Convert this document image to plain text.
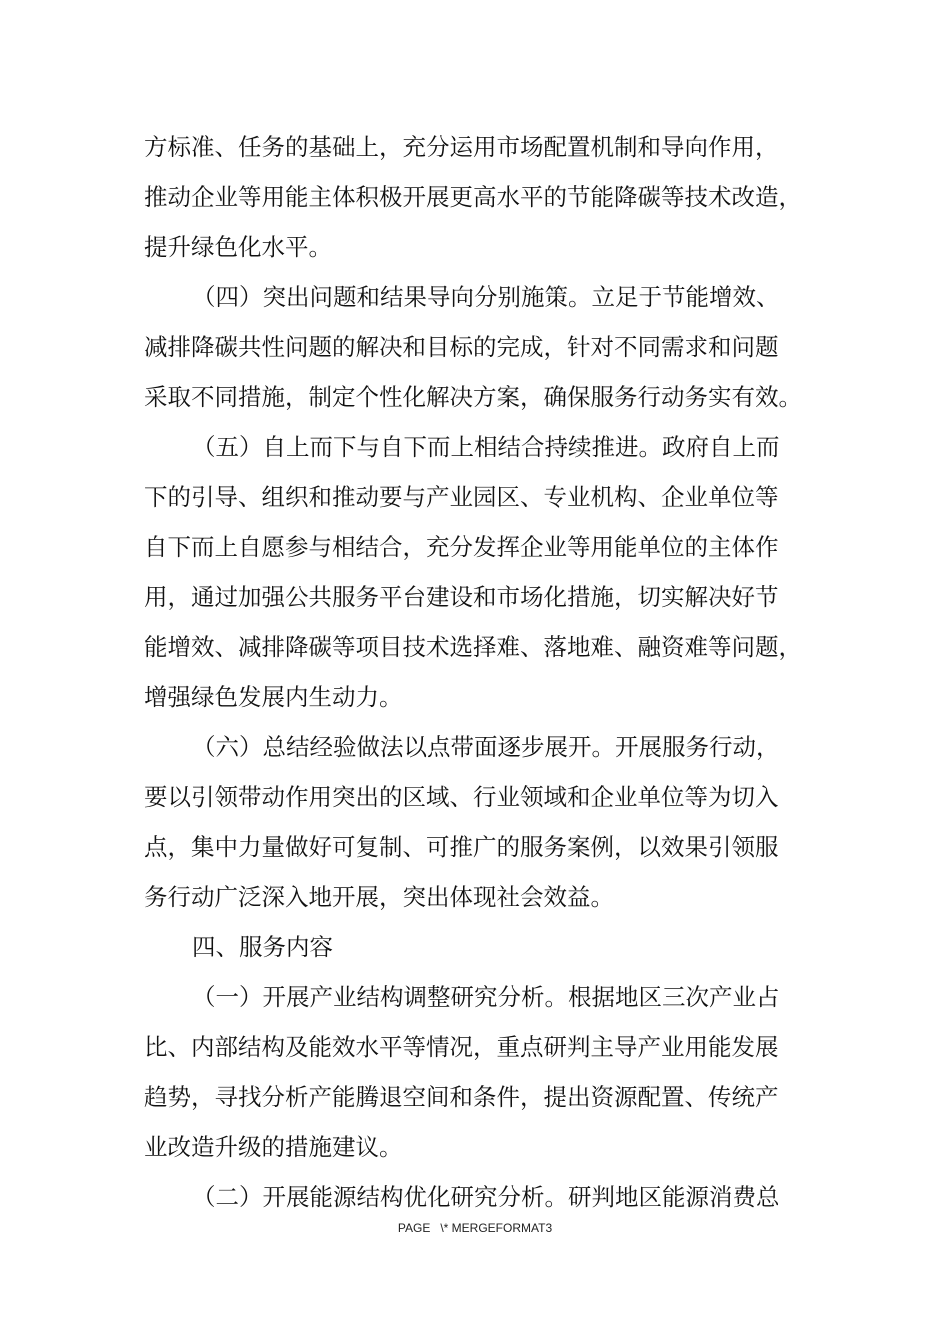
方标准、任务的基础上，充分运用市场配置机制和导向作用，
推动企业等用能主体积极开展更高水平的节能降碳等技术改造，
提升绿色化水平。
（四）突出问题和结果导向分别施策。立足于节能增效、
减排降碳共性问题的解决和目标的完成，针对不同需求和问题
采取不同措施，制定个性化解决方案，确保服务行动务实有效。
（五）自上而下与自下而上相结合持续推进。政府自上而
下的引导、组织和推动要与产业园区、专业机构、企业单位等
自下而上自愿参与相结合，充分发挥企业等用能单位的主体作
用，通过加强公共服务平台建设和市场化措施，切实解决好节
能增效、减排降碳等项目技术选择难、落地难、融资难等问题，
增强绿色发展内生动力。
（六）总结经验做法以点带面逐步展开。开展服务行动，
要以引领带动作用突出的区域、行业领域和企业单位等为切入
点，集中力量做好可复制、可推广的服务案例，以效果引领服
务行动广泛深入地开展，突出体现社会效益。
四、服务内容
（一）开展产业结构调整研究分析。根据地区三次产业占
比、内部结构及能效水平等情况，重点研判主导产业用能发展
趋势，寻找分析产能腾退空间和条件，提出资源配置、传统产
业改造升级的措施建议。
（二）开展能源结构优化研究分析。研判地区能源消费总
PAGE   \* MERGEFORMAT3
